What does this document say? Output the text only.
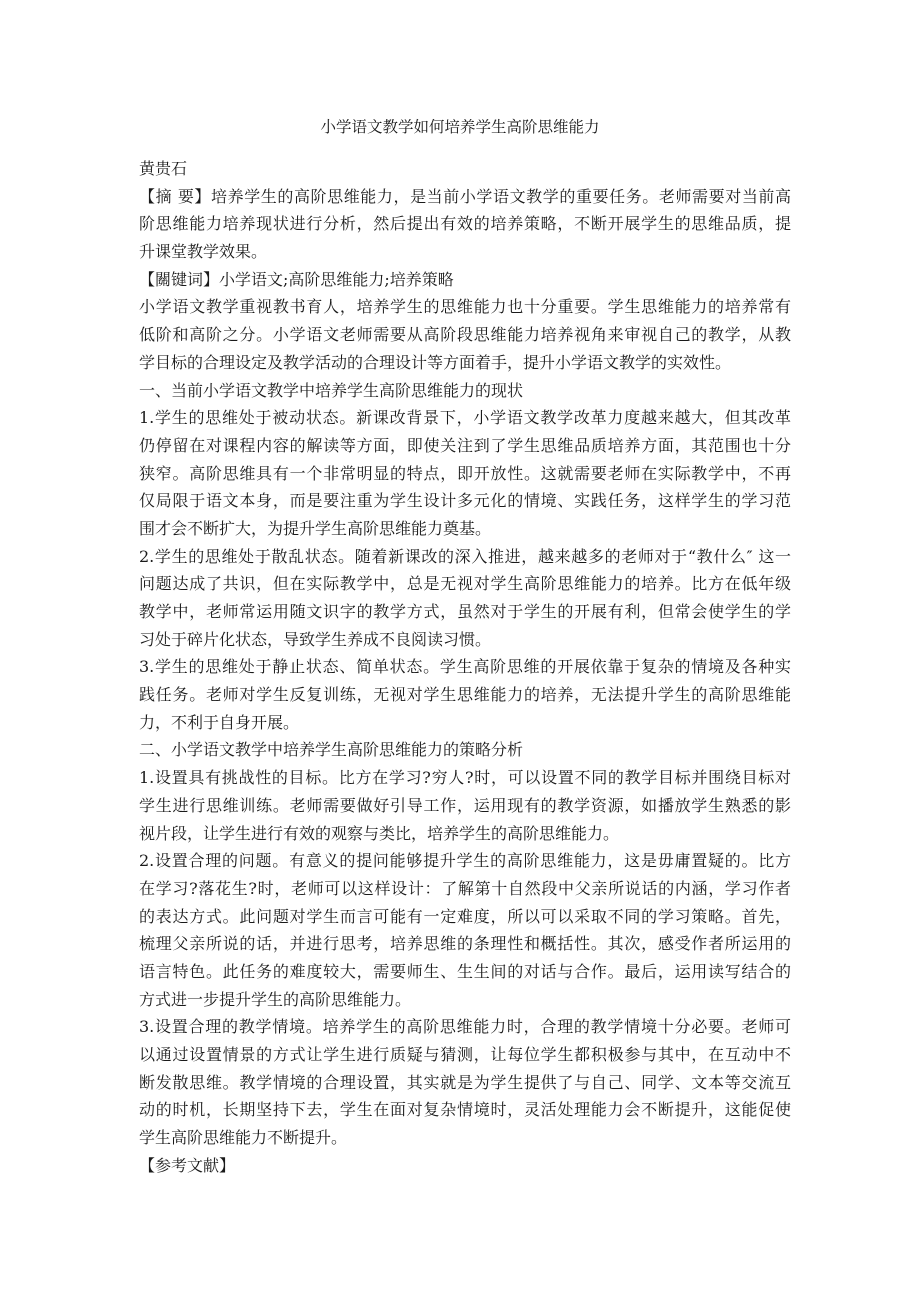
小学语文教学如何培养学生高阶思维能力
黄贵石
【摘 要】培养学生的高阶思维能力，是当前小学语文教学的重要任务。老师需要对当前高
阶思维能力培养现状进行分析，然后提出有效的培养策略，不断开展学生的思维品质，提
升课堂教学效果。
【關键词】小学语文;高阶思维能力;培养策略
小学语文教学重视教书育人，培养学生的思维能力也十分重要。学生思维能力的培养常有
低阶和高阶之分。小学语文老师需要从高阶段思维能力培养视角来审视自己的教学，从教
学目标的合理设定及教学活动的合理设计等方面着手，提升小学语文教学的实效性。
一、当前小学语文教学中培养学生高阶思维能力的现状
1.学生的思维处于被动状态。新课改背景下，小学语文教学改革力度越来越大，但其改革
仍停留在对课程内容的解读等方面，即使关注到了学生思维品质培养方面，其范围也十分
狭窄。高阶思维具有一个非常明显的特点，即开放性。这就需要老师在实际教学中，不再
仅局限于语文本身，而是要注重为学生设计多元化的情境、实践任务，这样学生的学习范
围才会不断扩大，为提升学生高阶思维能力奠基。
2.学生的思维处于散乱状态。随着新课改的深入推进，越来越多的老师对于“教什么″ 这一
问题达成了共识，但在实际教学中，总是无视对学生高阶思维能力的培养。比方在低年级
教学中，老师常运用随文识字的教学方式，虽然对于学生的开展有利，但常会使学生的学
习处于碎片化状态，导致学生养成不良阅读习惯。
3.学生的思维处于静止状态、简单状态。学生高阶思维的开展依靠于复杂的情境及各种实
践任务。老师对学生反复训练，无视对学生思维能力的培养，无法提升学生的高阶思维能
力，不利于自身开展。
二、小学语文教学中培养学生高阶思维能力的策略分析
1.设置具有挑战性的目标。比方在学习?穷人?时，可以设置不同的教学目标并围绕目标对
学生进行思维训练。老师需要做好引导工作，运用现有的教学资源，如播放学生熟悉的影
视片段，让学生进行有效的观察与类比，培养学生的高阶思维能力。
2.设置合理的问题。有意义的提问能够提升学生的高阶思维能力，这是毋庸置疑的。比方
在学习?落花生?时，老师可以这样设计：了解第十自然段中父亲所说话的内涵，学习作者
的表达方式。此问题对学生而言可能有一定难度，所以可以采取不同的学习策略。首先，
梳理父亲所说的话，并进行思考，培养思维的条理性和概括性。其次，感受作者所运用的
语言特色。此任务的难度较大，需要师生、生生间的对话与合作。最后，运用读写结合的
方式进一步提升学生的高阶思维能力。
3.设置合理的教学情境。培养学生的高阶思维能力时，合理的教学情境十分必要。老师可
以通过设置情景的方式让学生进行质疑与猜测，让每位学生都积极参与其中，在互动中不
断发散思维。教学情境的合理设置，其实就是为学生提供了与自己、同学、文本等交流互
动的时机，长期坚持下去，学生在面对复杂情境时，灵活处理能力会不断提升，这能促使
学生高阶思维能力不断提升。
【参考文献】
